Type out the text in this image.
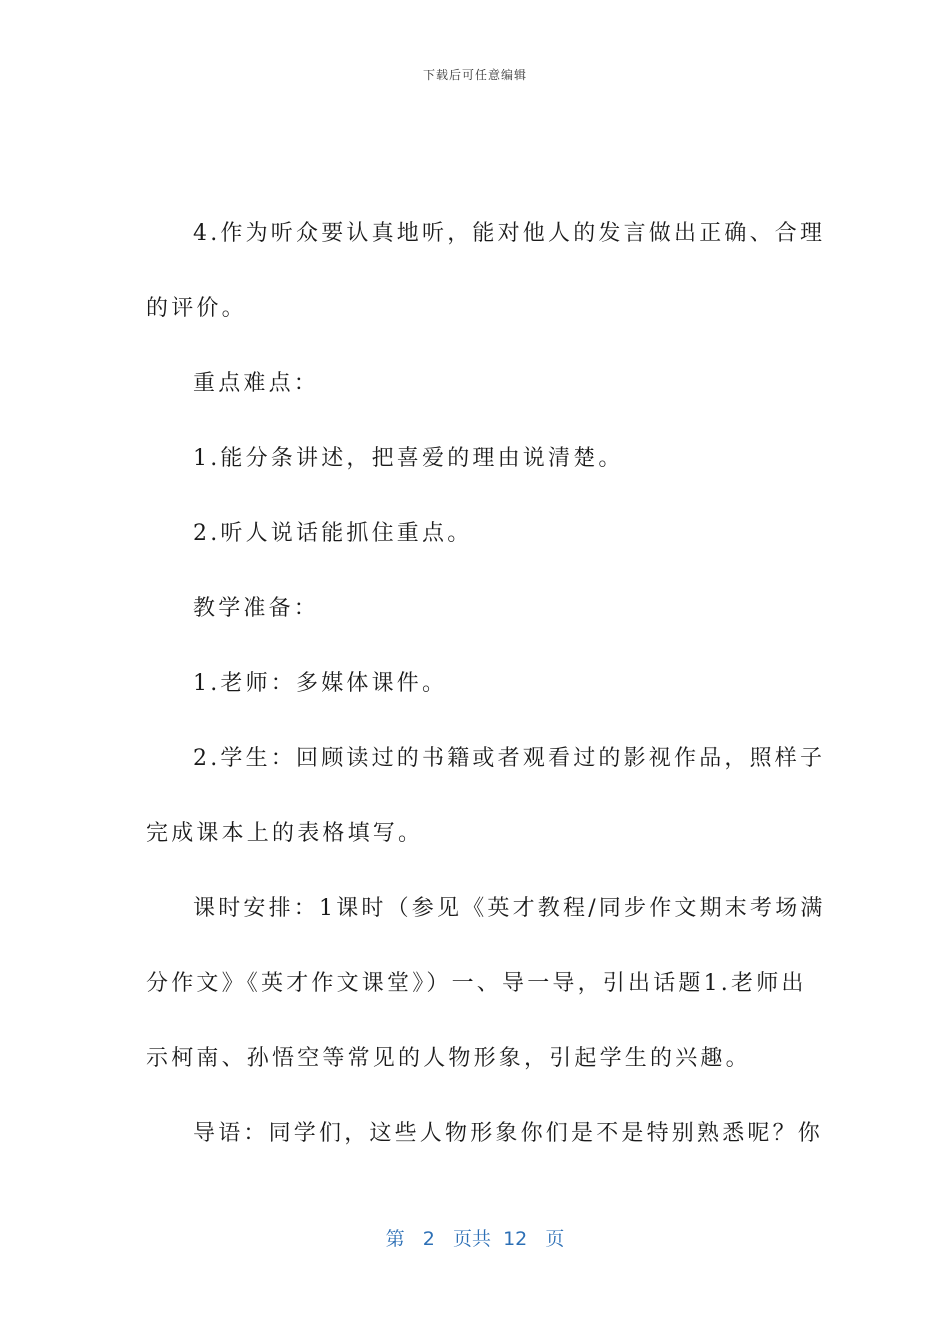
下载后可任意编辑

4.作为听众要认真地听，能对他人的发言做出正确、合理

的评价。

重点难点：

1.能分条讲述，把喜爱的理由说清楚。

2.听人说话能抓住重点。

教学准备：

1.老师：多媒体课件。

2.学生：回顾读过的书籍或者观看过的影视作品，照样子

完成课本上的表格填写。

课时安排：1课时（参见《英才教程/同步作文期末考场满

分作文》《英才作文课堂》）一、导一导，引出话题1.老师出

示柯南、孙悟空等常见的人物形象，引起学生的兴趣。

导语：同学们，这些人物形象你们是不是特别熟悉呢？你

第 2 页共 12 页
